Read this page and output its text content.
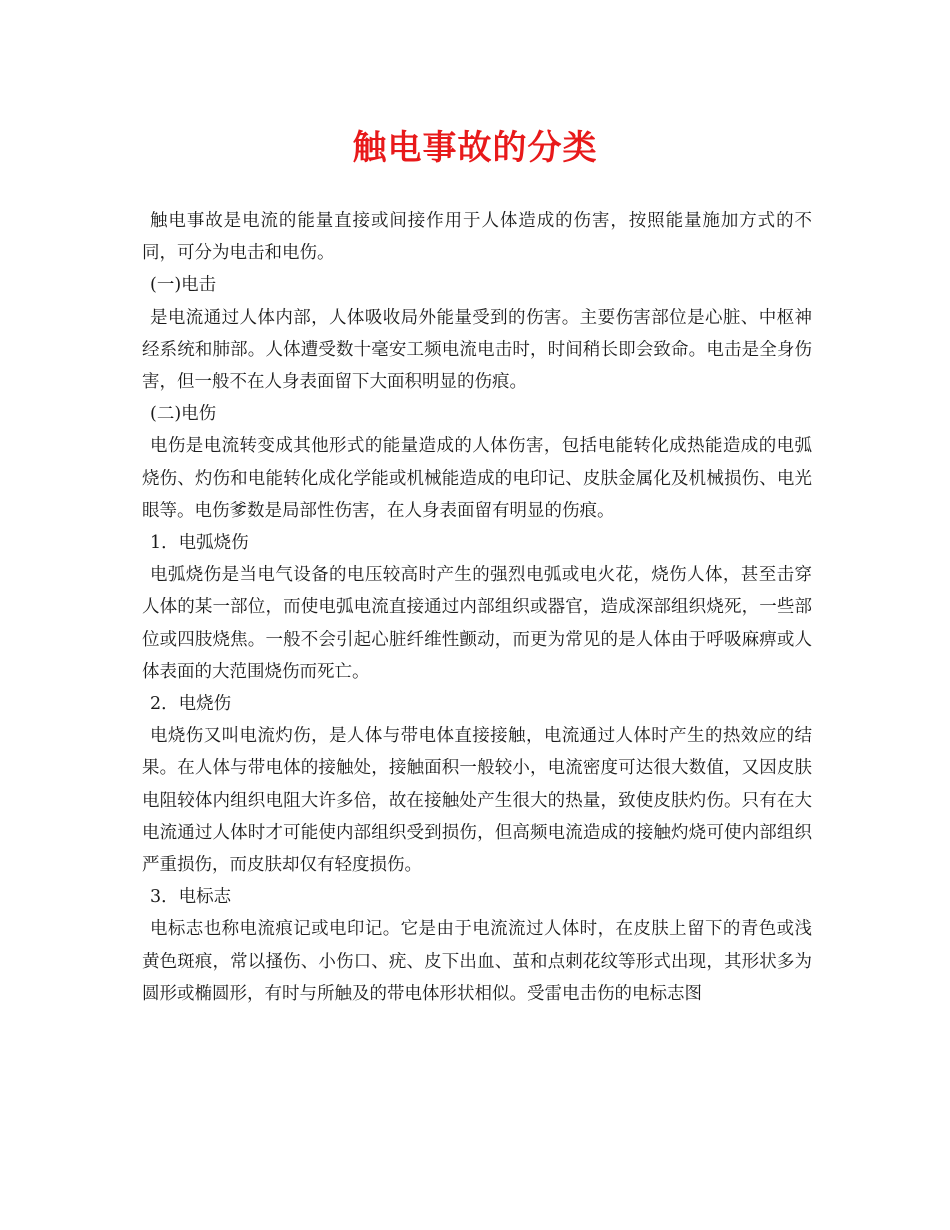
触电事故的分类

触电事故是电流的能量直接或间接作用于人体造成的伤害，按照能量施加方式的不同，可分为电击和电伤。

(一)电击

是电流通过人体内部，人体吸收局外能量受到的伤害。主要伤害部位是心脏、中枢神经系统和肺部。人体遭受数十毫安工频电流电击时，时间稍长即会致命。电击是全身伤害，但一般不在人身表面留下大面积明显的伤痕。

(二)电伤

电伤是电流转变成其他形式的能量造成的人体伤害，包括电能转化成热能造成的电弧烧伤、灼伤和电能转化成化学能或机械能造成的电印记、皮肤金属化及机械损伤、电光眼等。电伤爹数是局部性伤害，在人身表面留有明显的伤痕。

1．电弧烧伤

电弧烧伤是当电气设备的电压较高时产生的强烈电弧或电火花，烧伤人体，甚至击穿人体的某一部位，而使电弧电流直接通过内部组织或器官，造成深部组织烧死，一些部位或四肢烧焦。一般不会引起心脏纤维性颤动，而更为常见的是人体由于呼吸麻痹或人体表面的大范围烧伤而死亡。

2．电烧伤

电烧伤又叫电流灼伤，是人体与带电体直接接触，电流通过人体时产生的热效应的结果。在人体与带电体的接触处，接触面积一般较小，电流密度可达很大数值，又因皮肤电阻较体内组织电阻大许多倍，故在接触处产生很大的热量，致使皮肤灼伤。只有在大电流通过人体时才可能使内部组织受到损伤，但高频电流造成的接触灼烧可使内部组织严重损伤，而皮肤却仅有轻度损伤。

3．电标志

电标志也称电流痕记或电印记。它是由于电流流过人体时，在皮肤上留下的青色或浅黄色斑痕，常以搔伤、小伤口、疣、皮下出血、茧和点刺花纹等形式出现，其形状多为圆形或椭圆形，有时与所触及的带电体形状相似。受雷电击伤的电标志图
